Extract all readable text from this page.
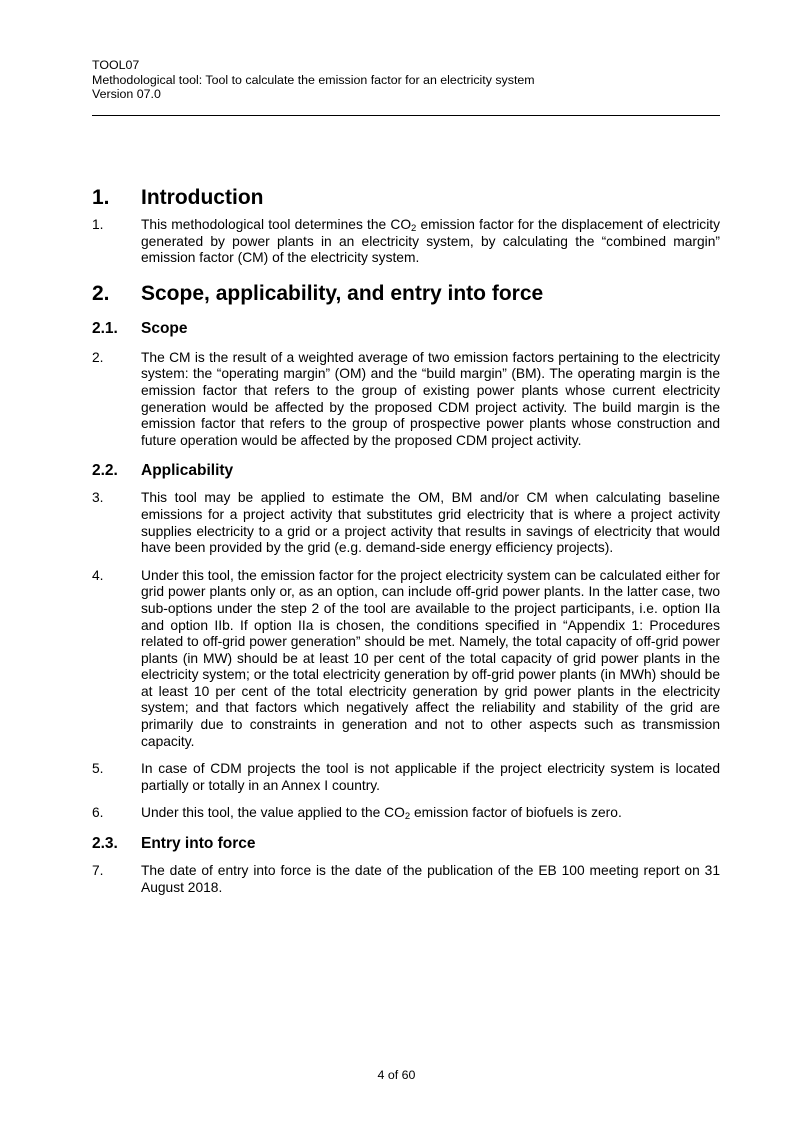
TOOL07
Methodological tool: Tool to calculate the emission factor for an electricity system
Version 07.0
1.	Introduction
1.	This methodological tool determines the $CO_2$ emission factor for the displacement of electricity generated by power plants in an electricity system, by calculating the “combined margin” emission factor (CM) of the electricity system.
2.	Scope, applicability, and entry into force
2.1.	Scope
2.	The CM is the result of a weighted average of two emission factors pertaining to the electricity system: the “operating margin” (OM) and the “build margin” (BM). The operating margin is the emission factor that refers to the group of existing power plants whose current electricity generation would be affected by the proposed CDM project activity. The build margin is the emission factor that refers to the group of prospective power plants whose construction and future operation would be affected by the proposed CDM project activity.
2.2.	Applicability
3.	This tool may be applied to estimate the OM, BM and/or CM when calculating baseline emissions for a project activity that substitutes grid electricity that is where a project activity supplies electricity to a grid or a project activity that results in savings of electricity that would have been provided by the grid (e.g. demand-side energy efficiency projects).
4.	Under this tool, the emission factor for the project electricity system can be calculated either for grid power plants only or, as an option, can include off-grid power plants. In the latter case, two sub-options under the step 2 of the tool are available to the project participants, i.e. option IIa and option IIb. If option IIa is chosen, the conditions specified in “Appendix 1: Procedures related to off-grid power generation” should be met. Namely, the total capacity of off-grid power plants (in MW) should be at least 10 per cent of the total capacity of grid power plants in the electricity system; or the total electricity generation by off-grid power plants (in MWh) should be at least 10 per cent of the total electricity generation by grid power plants in the electricity system; and that factors which negatively affect the reliability and stability of the grid are primarily due to constraints in generation and not to other aspects such as transmission capacity.
5.	In case of CDM projects the tool is not applicable if the project electricity system is located partially or totally in an Annex I country.
6.	Under this tool, the value applied to the $CO_2$ emission factor of biofuels is zero.
2.3.	Entry into force
7.	The date of entry into force is the date of the publication of the EB 100 meeting report on 31 August 2018.
4 of 60
